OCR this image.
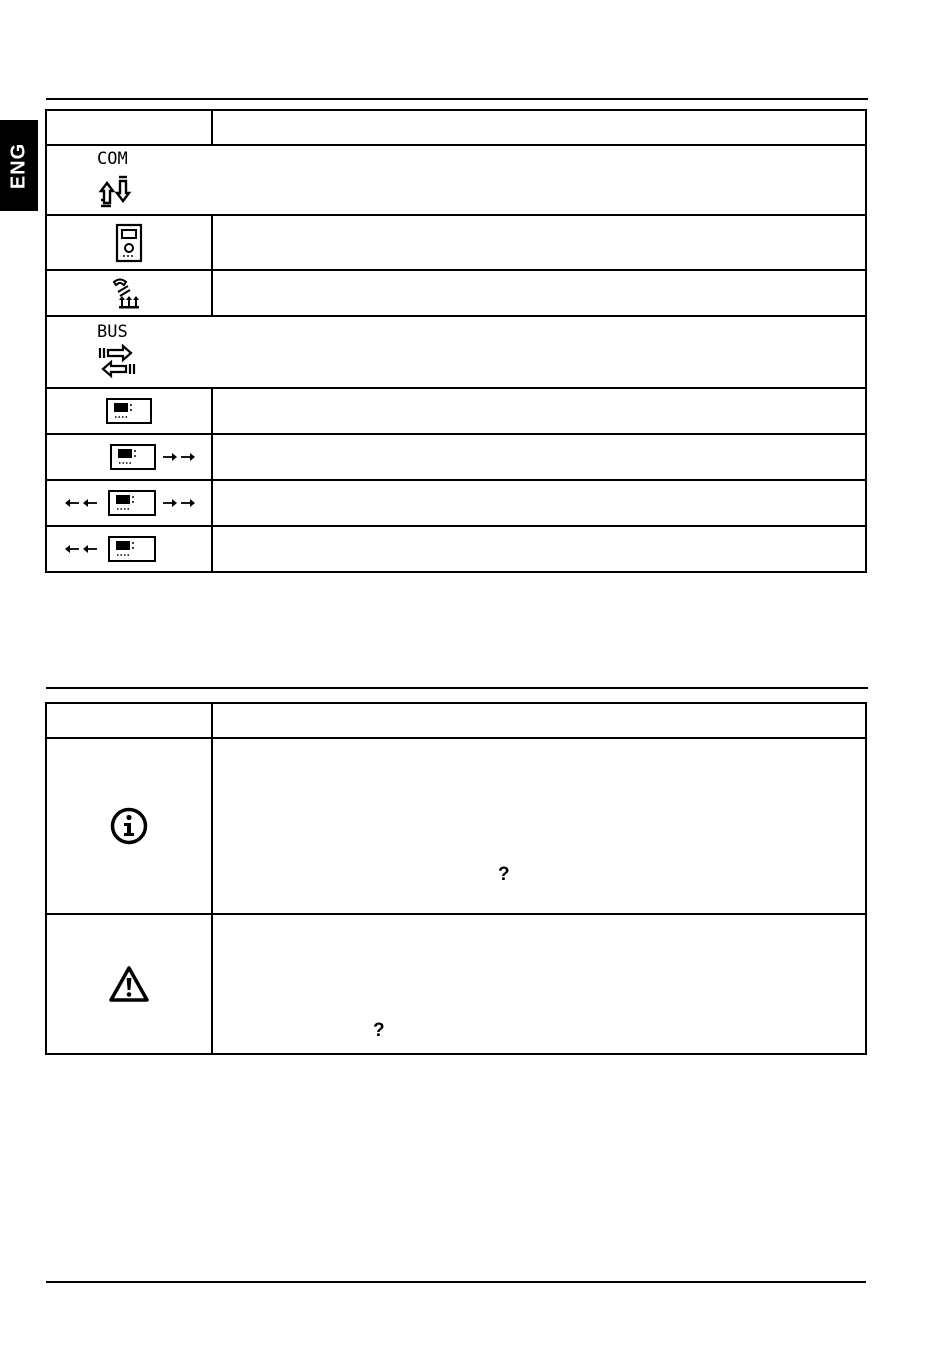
ENG
		COM	

BUS	

?

?
